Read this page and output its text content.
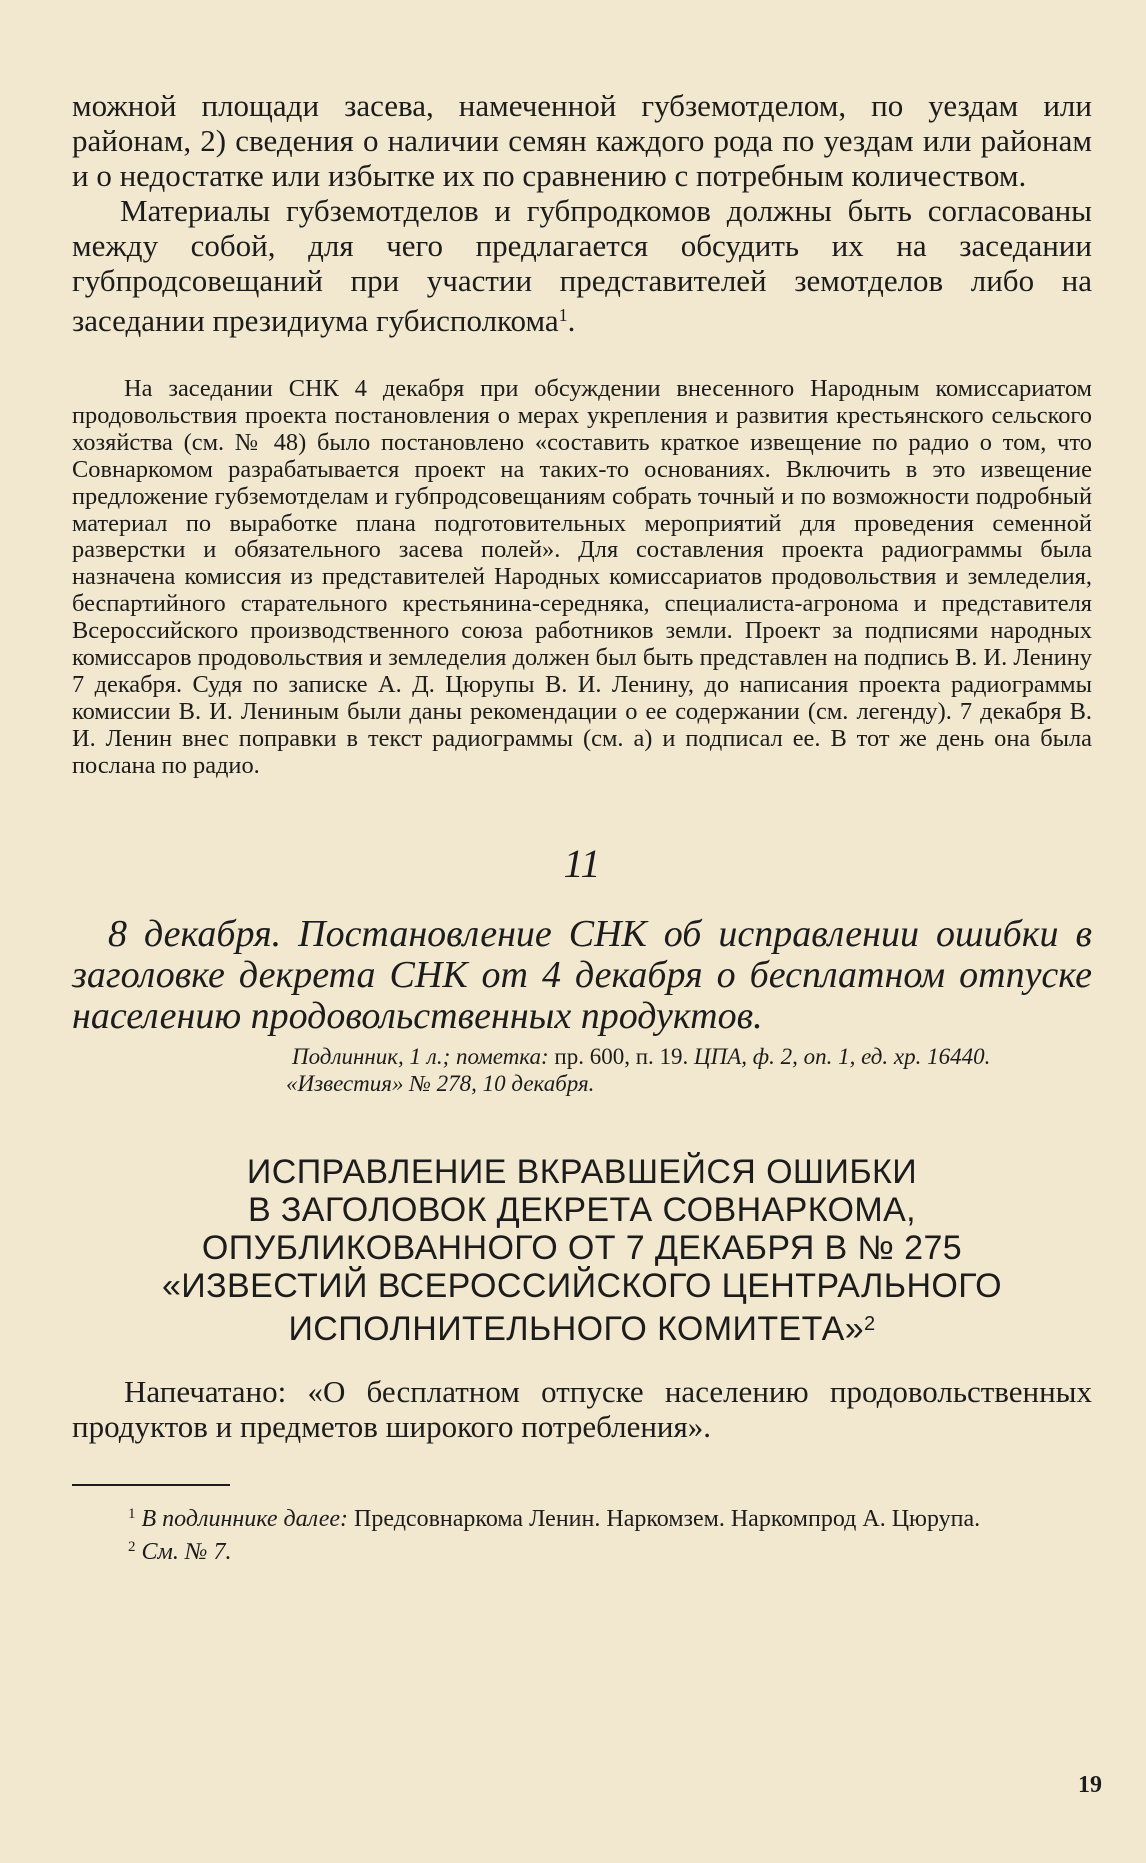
можной площади засева, намеченной губземотделом, по уездам или районам, 2) сведения о наличии семян каждого рода по уездам или районам и о недостатке или избытке их по сравнению с потребным количеством.

Материалы губземотделов и губпродкомов должны быть согласованы между собой, для чего предлагается обсудить их на заседании губпродсовещаний при участии представителей земотделов либо на заседании президиума губисполкома$^1$.

На заседании СНК 4 декабря при обсуждении внесенного Народным комиссариатом продовольствия проекта постановления о мерах укрепления и развития крестьянского сельского хозяйства (см. № 48) было постановлено «составить краткое извещение по радио о том, что Совнаркомом разрабатывается проект на таких-то основаниях. Включить в это извещение предложение губземотделам и губпродсовещаниям собрать точный и по возможности подробный материал по выработке плана подготовительных мероприятий для проведения семенной разверстки и обязательного засева полей». Для составления проекта радиограммы была назначена комиссия из представителей Народных комиссариатов продовольствия и земледелия, беспартийного старательного крестьянина-середняка, специалиста-агронома и представителя Всероссийского производственного союза работников земли. Проект за подписями народных комиссаров продовольствия и земледелия должен был быть представлен на подпись В. И. Ленину 7 декабря. Судя по записке А. Д. Цюрупы В. И. Ленину, до написания проекта радиограммы комиссии В. И. Лениным были даны рекомендации о ее содержании (см. легенду). 7 декабря В. И. Ленин внес поправки в текст радиограммы (см. а) и подписал ее. В тот же день она была послана по радио.

11

8 декабря. Постановление СНК об исправлении ошибки в заголовке декрета СНК от 4 декабря о бесплатном отпуске населению продовольственных продуктов.

Подлинник, 1 л.; пометка: пр. 600, п. 19. ЦПА, ф. 2, оп. 1, ед. хр. 16440.
«Известия» № 278, 10 декабря.
ИСПРАВЛЕНИЕ ВКРАВШЕЙСЯ ОШИБКИ
В ЗАГОЛОВОК ДЕКРЕТА СОВНАРКОМА,
ОПУБЛИКОВАННОГО ОТ 7 ДЕКАБРЯ В № 275
«ИЗВЕСТИЙ ВСЕРОССИЙСКОГО ЦЕНТРАЛЬНОГО
ИСПОЛНИТЕЛЬНОГО КОМИТЕТА»$^2$

Напечатано: «О бесплатном отпуске населению продовольственных продуктов и предметов широкого потребления».

$^1$ В подлиннике далее: Предсовнаркома Ленин. Наркомзем. Наркомпрод А. Цюрупа.

$^2$ См. № 7.

19
